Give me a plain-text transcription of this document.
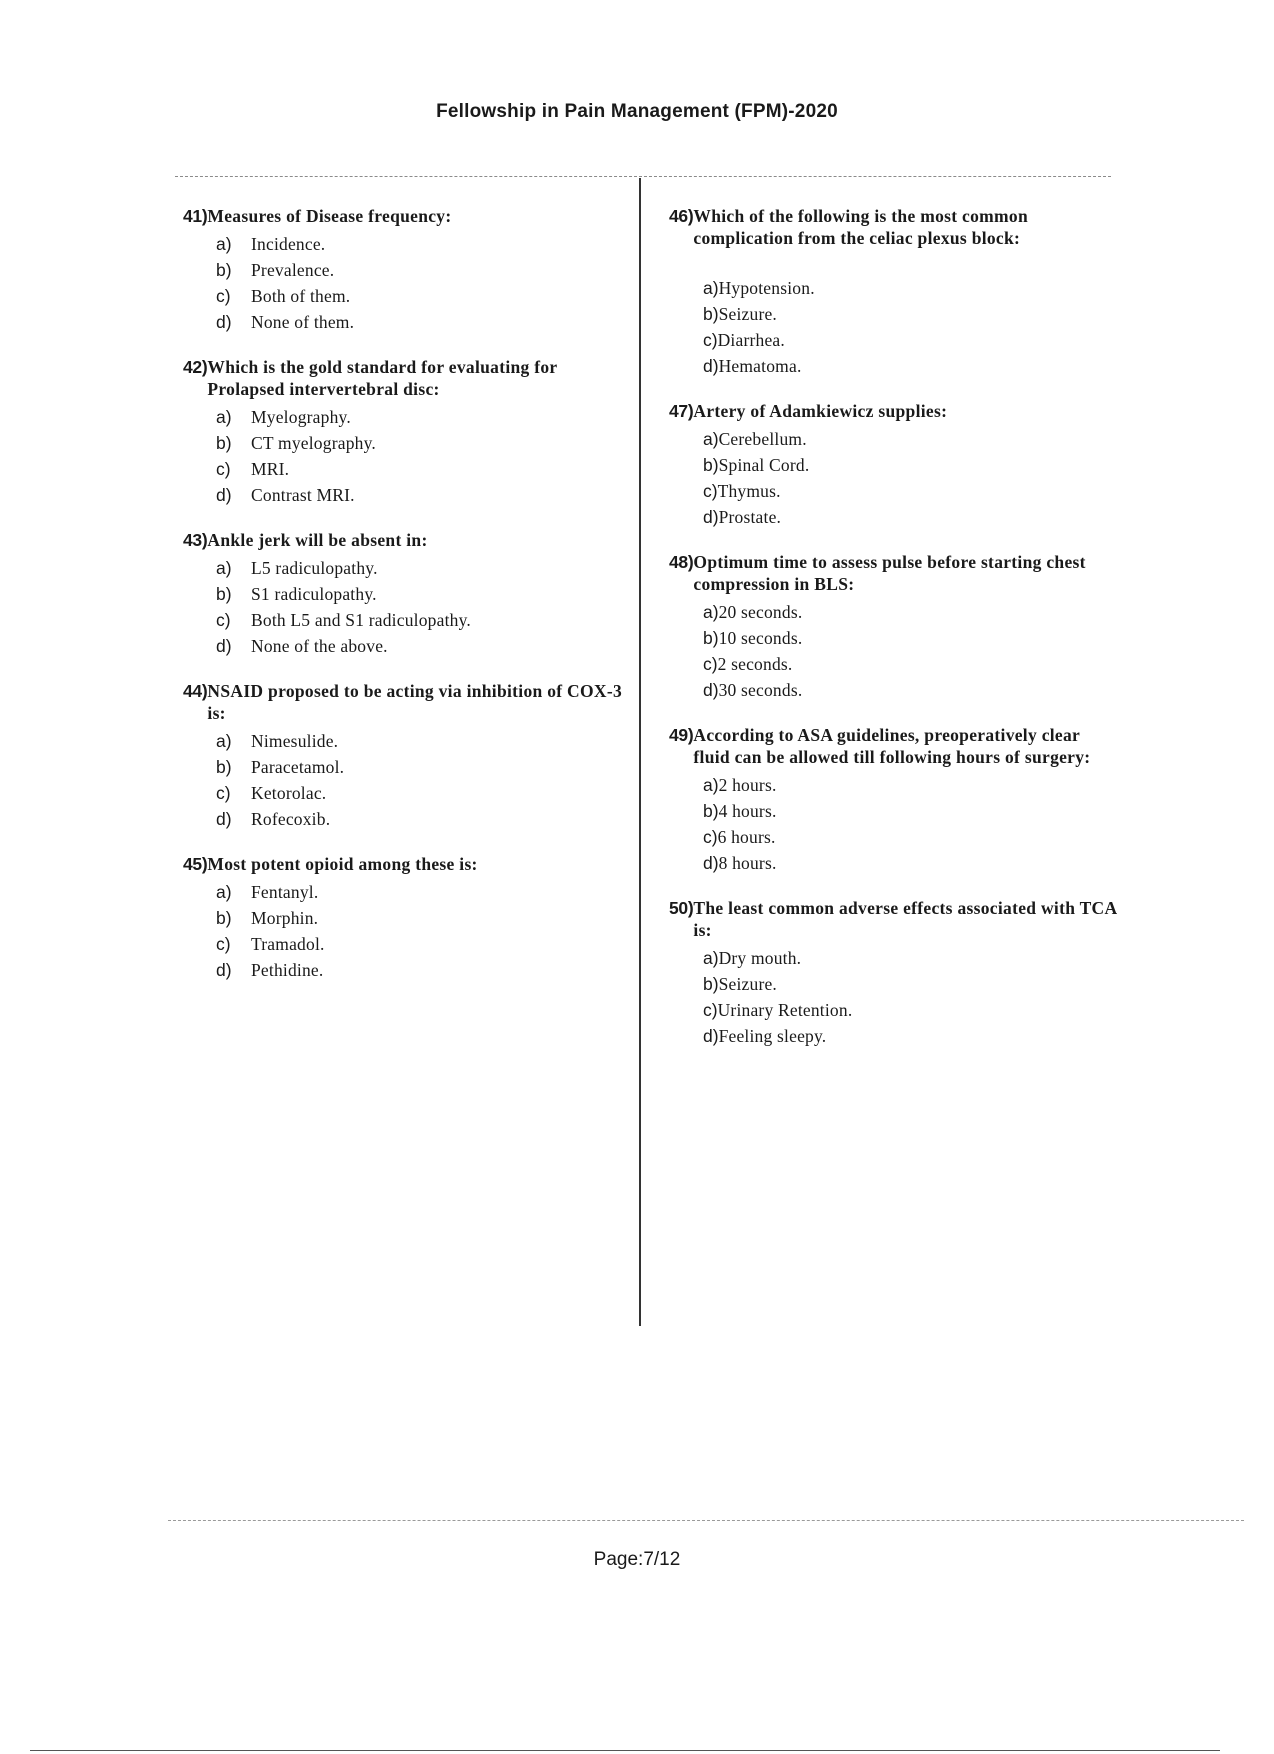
Fellowship in Pain Management (FPM)-2020
41) Measures of Disease frequency:
a)	Incidence.
b)	Prevalence.
c)	Both of them.
d)	None of them.
42) Which is the gold standard for evaluating for Prolapsed intervertebral disc:
a)	Myelography.
b)	CT myelography.
c)	MRI.
d)	Contrast MRI.
43) Ankle jerk will be absent in:
a)	L5 radiculopathy.
b)	S1 radiculopathy.
c)	Both L5 and S1 radiculopathy.
d)	None of the above.
44) NSAID proposed to be acting via inhibition of COX-3 is:
a)	Nimesulide.
b)	Paracetamol.
c)	Ketorolac.
d)	Rofecoxib.
45) Most potent opioid among these is:
a)	Fentanyl.
b)	Morphin.
c)	Tramadol.
d)	Pethidine.
46) Which of the following is the most common complication from the celiac plexus block:
a) Hypotension.
b) Seizure.
c) Diarrhea.
d) Hematoma.
47) Artery of Adamkiewicz supplies:
a) Cerebellum.
b) Spinal Cord.
c) Thymus.
d) Prostate.
48) Optimum time to assess pulse before starting chest compression in BLS:
a) 20 seconds.
b) 10 seconds.
c) 2 seconds.
d) 30 seconds.
49) According to ASA guidelines, preoperatively clear fluid can be allowed till following hours of surgery:
a) 2 hours.
b) 4 hours.
c) 6 hours.
d) 8 hours.
50) The least common adverse effects associated with TCA is:
a) Dry mouth.
b) Seizure.
c) Urinary Retention.
d) Feeling sleepy.
Page:7/12
